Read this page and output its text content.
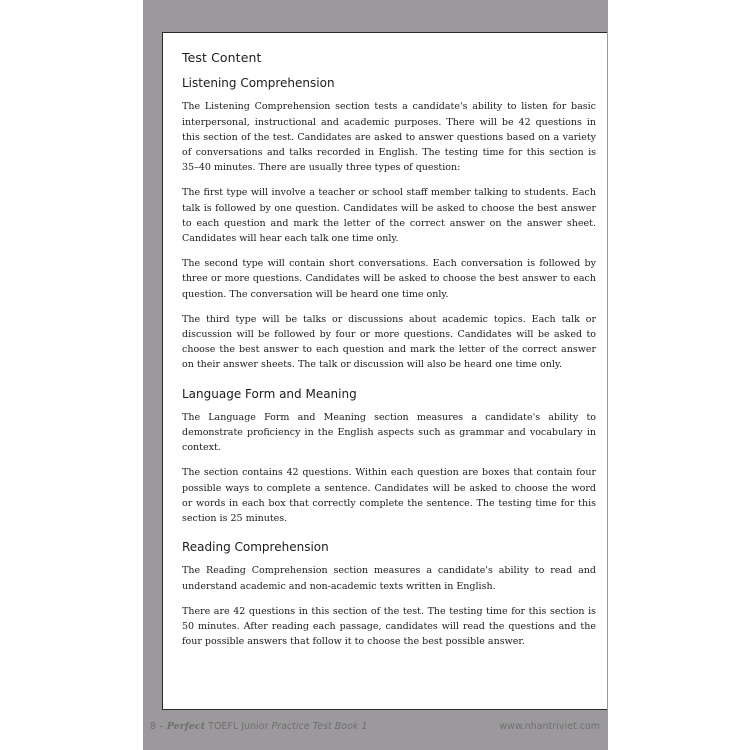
Test Content
Listening Comprehension

The Listening Comprehension section tests a candidate's ability to listen for basic interpersonal, instructional and academic purposes. There will be 42 questions in this section of the test. Candidates are asked to answer questions based on a variety of conversations and talks recorded in English. The testing time for this section is 35–40 minutes. There are usually three types of question:

The first type will involve a teacher or school staff member talking to students. Each talk is followed by one question. Candidates will be asked to choose the best answer to each question and mark the letter of the correct answer on the answer sheet. Candidates will hear each talk one time only.

The second type will contain short conversations. Each conversation is followed by three or more questions. Candidates will be asked to choose the best answer to each question. The conversation will be heard one time only.

The third type will be talks or discussions about academic topics. Each talk or discussion will be followed by four or more questions. Candidates will be asked to choose the best answer to each question and mark the letter of the correct answer on their answer sheets. The talk or discussion will also be heard one time only.

Language Form and Meaning

The Language Form and Meaning section measures a candidate's ability to demonstrate proficiency in the English aspects such as grammar and vocabulary in context.

The section contains 42 questions. Within each question are boxes that contain four possible ways to complete a sentence. Candidates will be asked to choose the word or words in each box that correctly complete the sentence. The testing time for this section is 25 minutes.

Reading Comprehension

The Reading Comprehension section measures a candidate's ability to read and understand academic and non-academic texts written in English.

There are 42 questions in this section of the test. The testing time for this section is 50 minutes. After reading each passage, candidates will read the questions and the four possible answers that follow it to choose the best possible answer.

8 – Perfect TOEFL Junior Practice Test Book 1	www.nhantriviet.com
